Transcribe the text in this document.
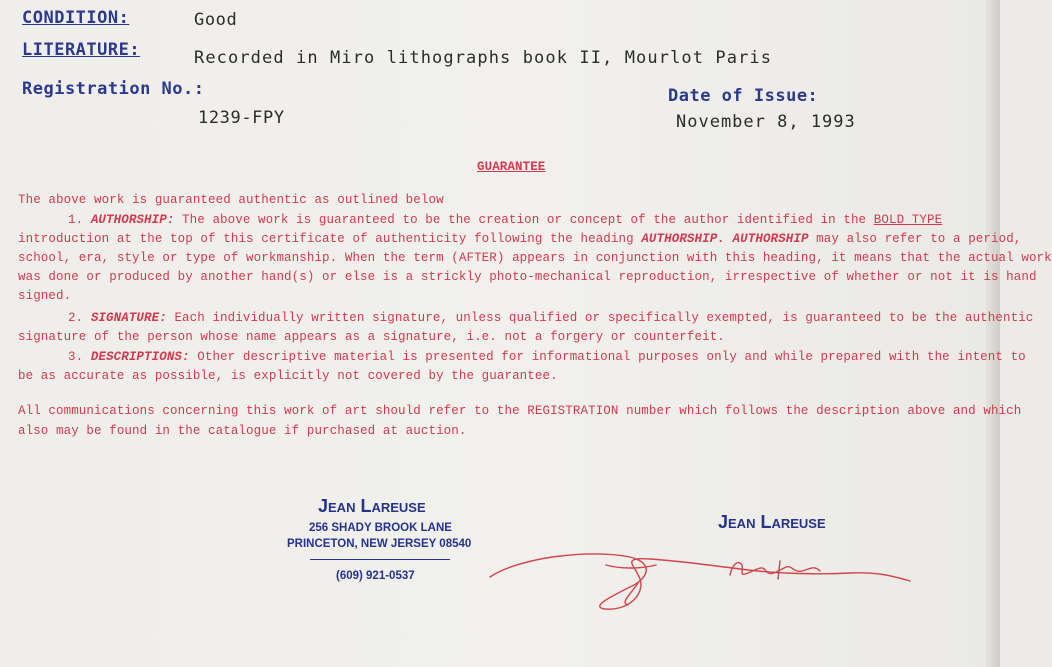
CONDITION:	Good
LITERATURE:	Recorded in Miro lithographs book II, Mourlot Paris
Registration No.:
1239-FPY
Date of Issue:
November 8, 1993
GUARANTEE
The above work is guaranteed authentic as outlined below
1. AUTHORSHIP: The above work is guaranteed to be the creation or concept of the author identified in the BOLD TYPE
introduction at the top of this certificate of authenticity following the heading AUTHORSHIP. AUTHORSHIP may also refer to a period,
school, era, style or type of workmanship. When the term (AFTER) appears in conjunction with this heading, it means that the actual work
was done or produced by another hand(s) or else is a strickly photo-mechanical reproduction, irrespective of whether or not it is hand
signed.
2. SIGNATURE: Each individually written signature, unless qualified or specifically exempted, is guaranteed to be the authentic
signature of the person whose name appears as a signature, i.e. not a forgery or counterfeit.
3. DESCRIPTIONS: Other descriptive material is presented for informational purposes only and while prepared with the intent to
be as accurate as possible, is explicitly not covered by the guarantee.
All communications concerning this work of art should refer to the REGISTRATION number which follows the description above and which
also may be found in the catalogue if purchased at auction.
Jean Lareuse
256 SHADY BROOK LANE
PRINCETON, NEW JERSEY 08540
(609) 921-0537
Jean Lareuse
